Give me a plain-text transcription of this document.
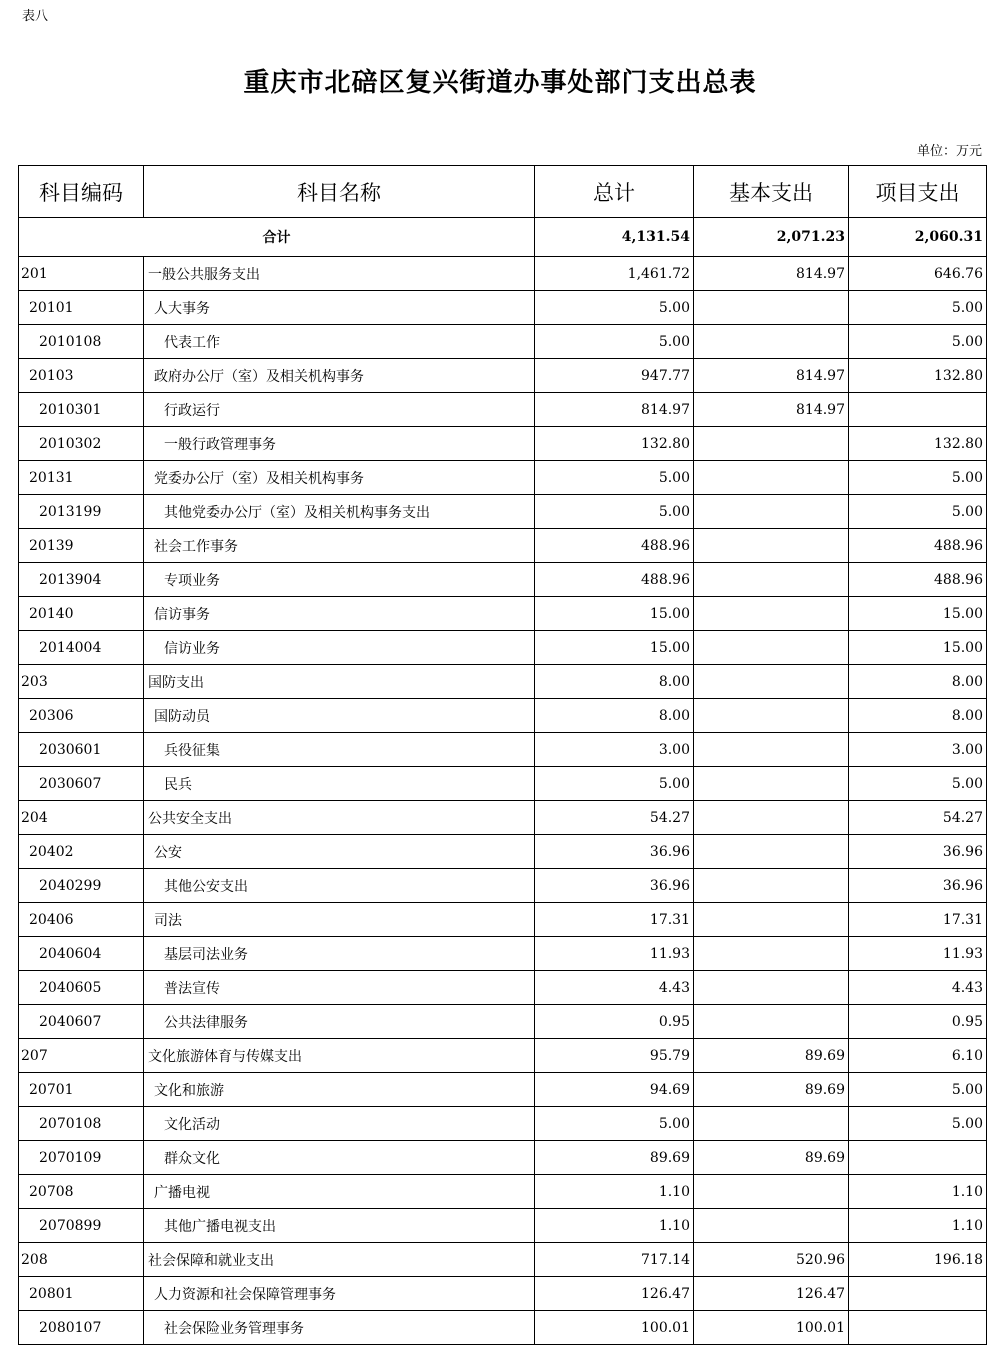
表八
重庆市北碚区复兴街道办事处部门支出总表
单位：万元
科目编码	科目名称	总计	基本支出	项目支出
合计		4,131.54	2,071.23	2,060.31
201	一般公共服务支出	1,461.72	814.97	646.76
20101	人大事务	5.00		5.00
2010108	代表工作	5.00		5.00
20103	政府办公厅（室）及相关机构事务	947.77	814.97	132.80
2010301	行政运行	814.97	814.97	
2010302	一般行政管理事务	132.80		132.80
20131	党委办公厅（室）及相关机构事务	5.00		5.00
2013199	其他党委办公厅（室）及相关机构事务支出	5.00		5.00
20139	社会工作事务	488.96		488.96
2013904	专项业务	488.96		488.96
20140	信访事务	15.00		15.00
2014004	信访业务	15.00		15.00
203	国防支出	8.00		8.00
20306	国防动员	8.00		8.00
2030601	兵役征集	3.00		3.00
2030607	民兵	5.00		5.00
204	公共安全支出	54.27		54.27
20402	公安	36.96		36.96
2040299	其他公安支出	36.96		36.96
20406	司法	17.31		17.31
2040604	基层司法业务	11.93		11.93
2040605	普法宣传	4.43		4.43
2040607	公共法律服务	0.95		0.95
207	文化旅游体育与传媒支出	95.79	89.69	6.10
20701	文化和旅游	94.69	89.69	5.00
2070108	文化活动	5.00		5.00
2070109	群众文化	89.69	89.69	
20708	广播电视	1.10		1.10
2070899	其他广播电视支出	1.10		1.10
208	社会保障和就业支出	717.14	520.96	196.18
20801	人力资源和社会保障管理事务	126.47	126.47	
2080107	社会保险业务管理事务	100.01	100.01	
